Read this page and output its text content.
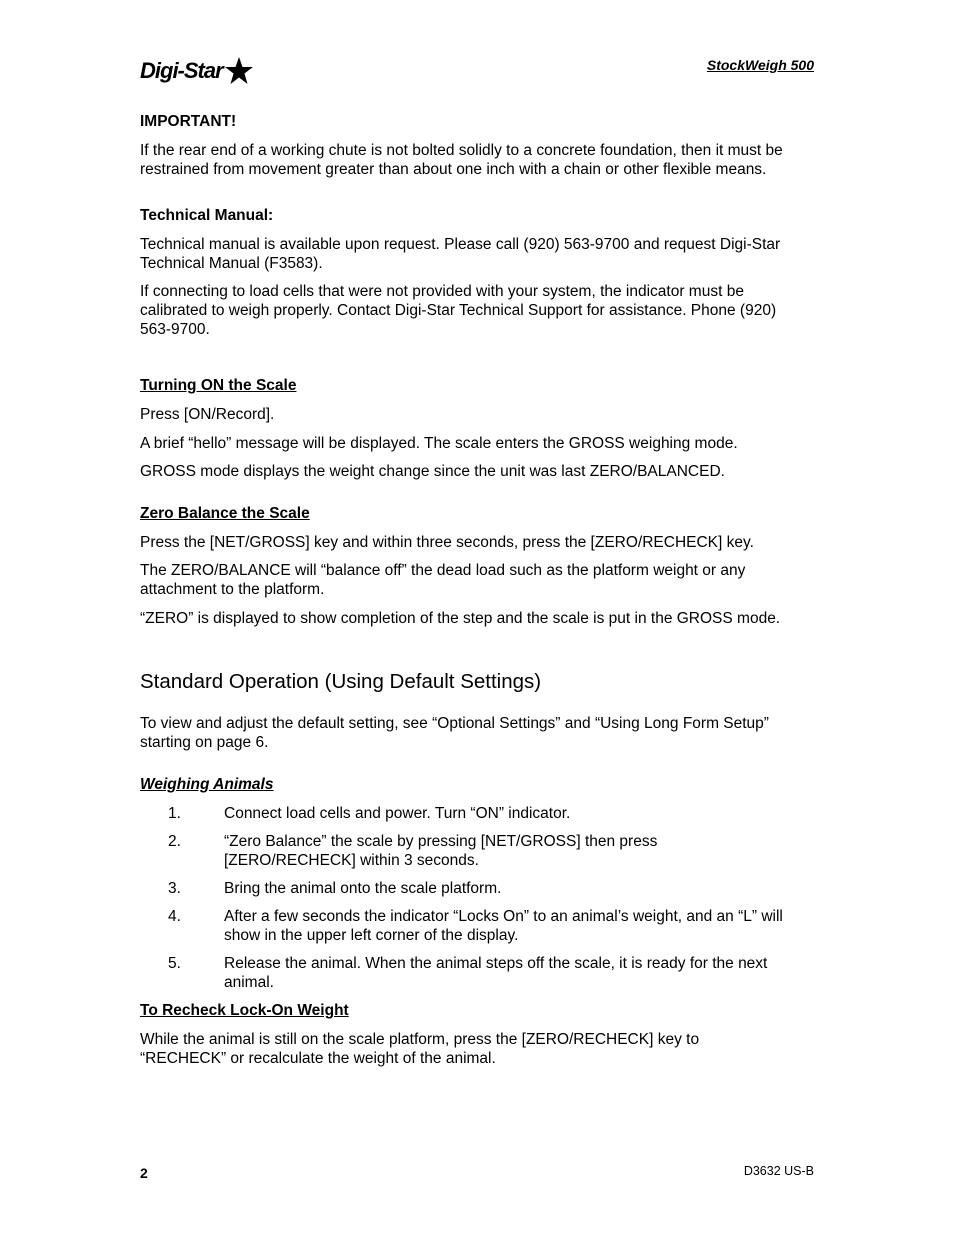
Digi-Star	StockWeigh 500
IMPORTANT!

If the rear end of a working chute is not bolted solidly to a concrete foundation, then it must be restrained from movement greater than about one inch with a chain or other flexible means.

Technical Manual:

Technical manual is available upon request. Please call (920) 563-9700 and request Digi-Star Technical Manual (F3583).

If connecting to load cells that were not provided with your system, the indicator must be calibrated to weigh properly. Contact Digi-Star Technical Support for assistance. Phone (920) 563-9700.

Turning ON the Scale

Press [ON/Record].

A brief “hello” message will be displayed. The scale enters the GROSS weighing mode.

GROSS mode displays the weight change since the unit was last ZERO/BALANCED.

Zero Balance the Scale

Press the [NET/GROSS] key and within three seconds, press the [ZERO/RECHECK] key.

The ZERO/BALANCE will “balance off” the dead load such as the platform weight or any attachment to the platform.

“ZERO” is displayed to show completion of the step and the scale is put in the GROSS mode.

Standard Operation (Using Default Settings)

To view and adjust the default setting, see “Optional Settings” and “Using Long Form Setup” starting on page 6.

Weighing Animals
1.	Connect load cells and power. Turn “ON” indicator.
2.	“Zero Balance” the scale by pressing [NET/GROSS] then press [ZERO/RECHECK] within 3 seconds.
3.	Bring the animal onto the scale platform.
4.	After a few seconds the indicator “Locks On” to an animal’s weight, and an “L” will show in the upper left corner of the display.
5.	Release the animal. When the animal steps off the scale, it is ready for the next animal.
To Recheck Lock-On Weight

While the animal is still on the scale platform, press the [ZERO/RECHECK] key to “RECHECK” or recalculate the weight of the animal.

2	D3632 US-B
